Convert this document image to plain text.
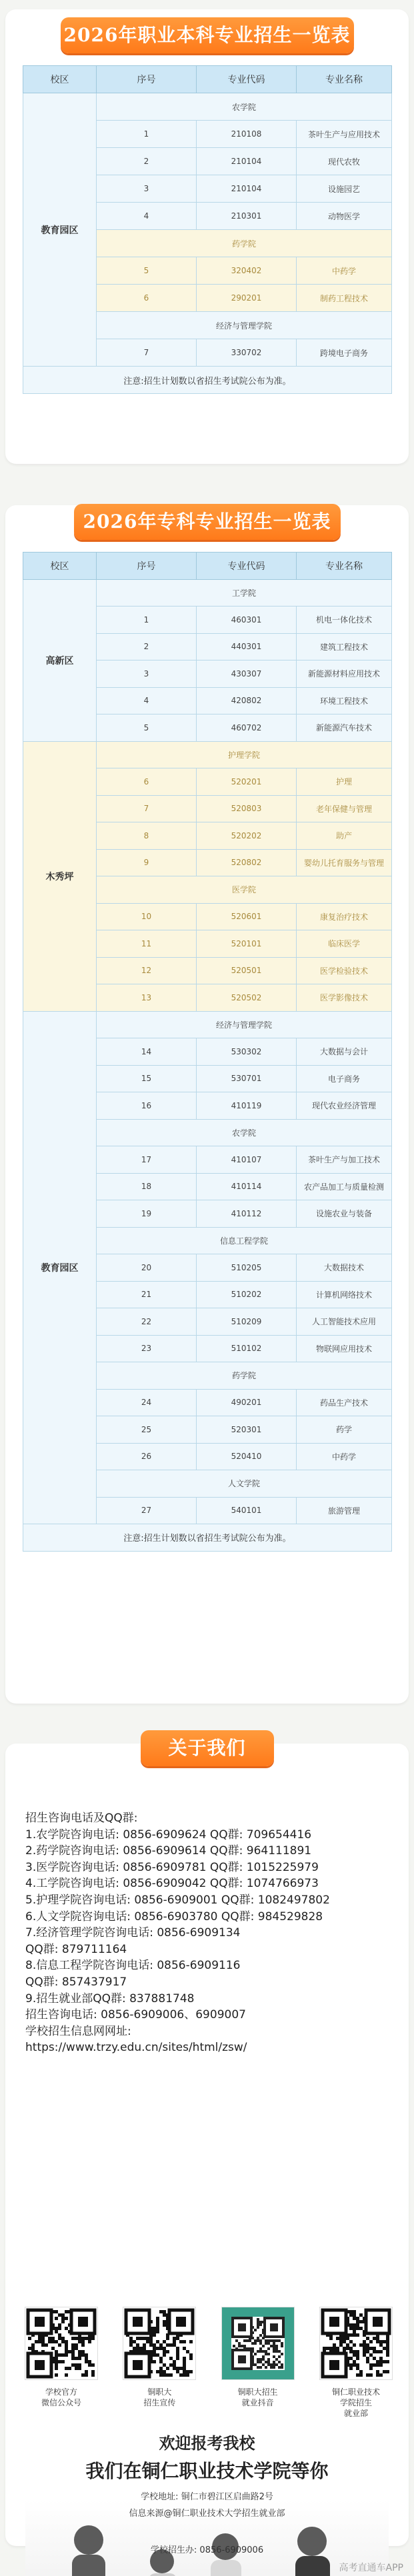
2026年职业本科专业招生一览表
校区	序号	专业代码	专业名称
教育园区	农学院		
	1	210108	茶叶生产与应用技术
	2	210104	现代农牧
	3	210104	设施园艺
	4	210301	动物医学
	药学院		
	5	320402	中药学
	6	290201	制药工程技术
	经济与管理学院		
	7	330702	跨境电子商务
注意:招生计划数以省招生考试院公布为准。			
2026年专科专业招生一览表
校区	序号	专业代码	专业名称
高新区	工学院		
	1	460301	机电一体化技术
	2	440301	建筑工程技术
	3	430307	新能源材料应用技术
	4	420802	环境工程技术
	5	460702	新能源汽车技术
木秀坪	护理学院		
	6	520201	护理
	7	520803	老年保健与管理
	8	520202	助产
	9	520802	婴幼儿托育服务与管理
	医学院		
	10	520601	康复治疗技术
	11	520101	临床医学
	12	520501	医学检验技术
	13	520502	医学影像技术
教育园区	经济与管理学院		
	14	530302	大数据与会计
	15	530701	电子商务
	16	410119	现代农业经济管理
	农学院		
	17	410107	茶叶生产与加工技术
	18	410114	农产品加工与质量检测
	19	410112	设施农业与装备
	信息工程学院		
	20	510205	大数据技术
	21	510202	计算机网络技术
	22	510209	人工智能技术应用
	23	510102	物联网应用技术
	药学院		
	24	490201	药品生产技术
	25	520301	药学
	26	520410	中药学
	人文学院		
	27	540101	旅游管理
注意:招生计划数以省招生考试院公布为准。			
关于我们
招生咨询电话及QQ群:
1.农学院咨询电话: 0856-6909624 QQ群: 709654416
2.药学院咨询电话: 0856-6909614 QQ群: 964111891
3.医学院咨询电话: 0856-6909781 QQ群: 1015225979
4.工学院咨询电话: 0856-6909042 QQ群: 1074766973
5.护理学院咨询电话: 0856-6909001 QQ群: 1082497802
6.人文学院咨询电话: 0856-6903780 QQ群: 984529828
7.经济管理学院咨询电话: 0856-6909134
QQ群: 879711164
8.信息工程学院咨询电话: 0856-6909116
QQ群: 857437917
9.招生就业部QQ群: 837881748
招生咨询电话: 0856-6909006、6909007
学校招生信息网网址:
https://www.trzy.edu.cn/sites/html/zsw/
学校官方
微信公众号
铜职大
招生宣传
铜职大招生
就业抖音
铜仁职业技术
学院招生
就业部
欢迎报考我校
我们在铜仁职业技术学院等你
学校招生办: 0856-6909006
学校地址: 铜仁市碧江区启曲路2号
信息来源@铜仁职业技术大学招生就业部
高考直通车APP
